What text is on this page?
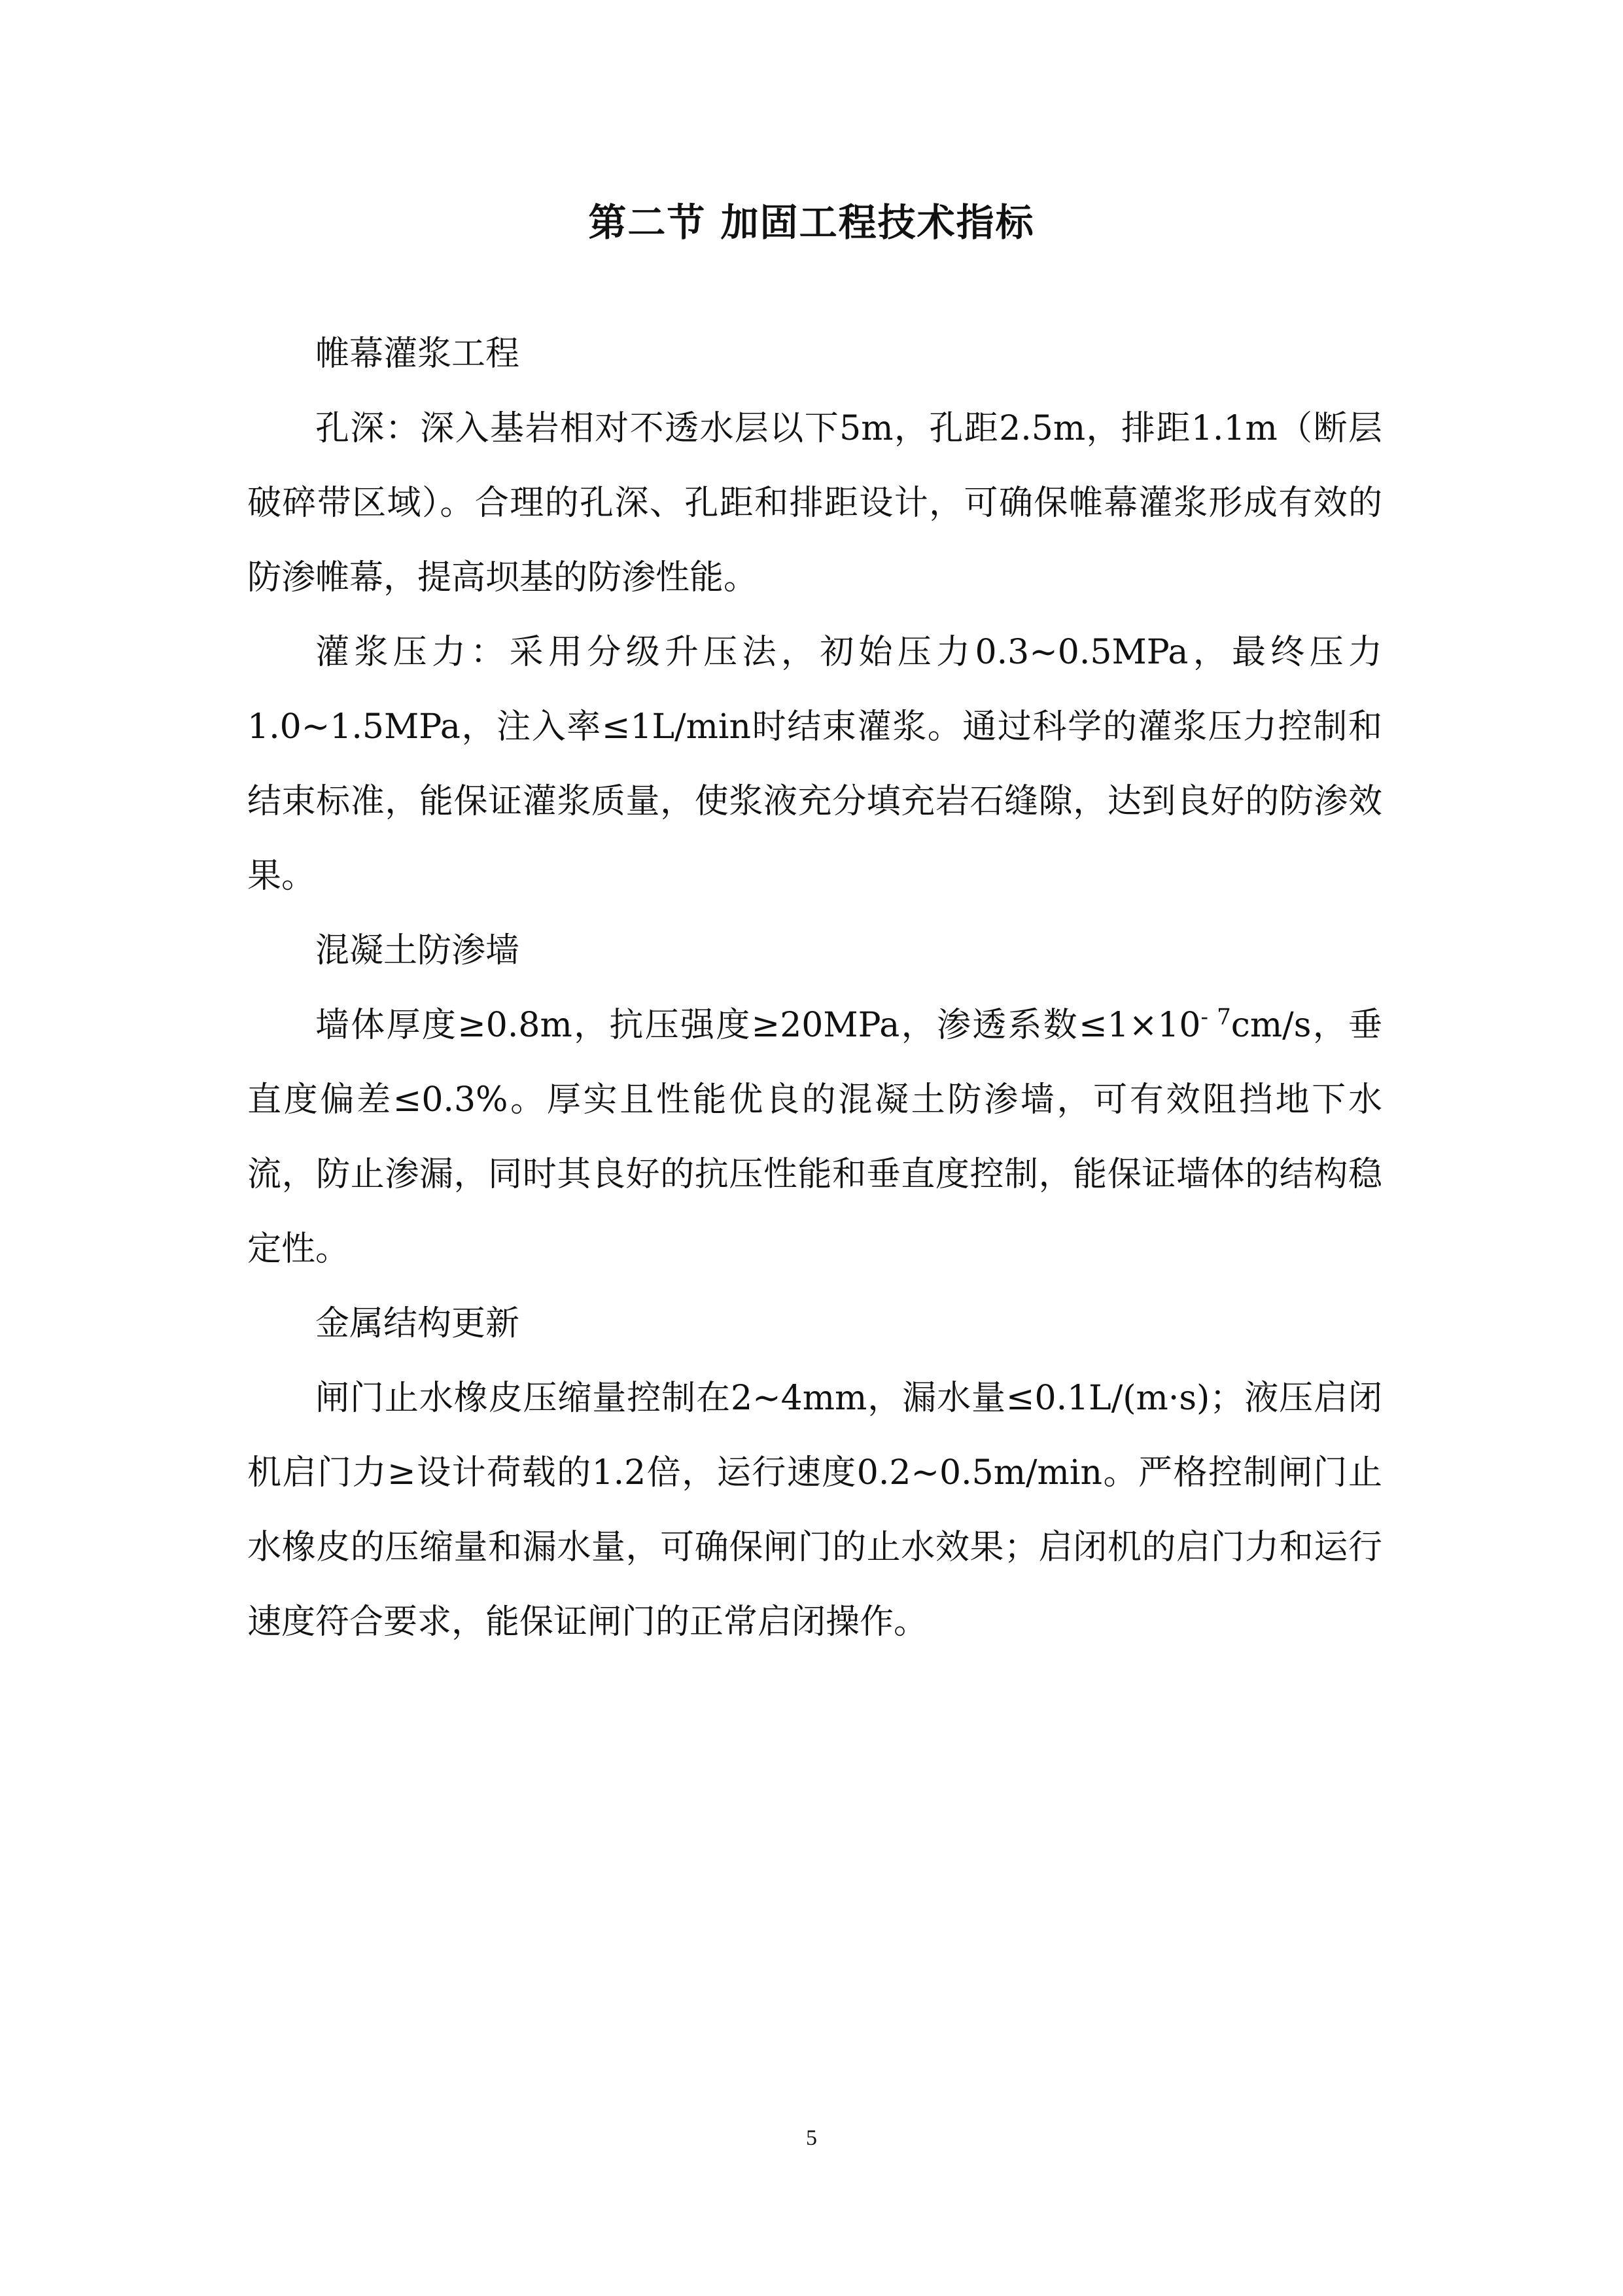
第二节 加固工程技术指标

帷幕灌浆工程

孔深：深入基岩相对不透水层以下5m，孔距2.5m，排距1.1m（断层破碎带区域）。合理的孔深、孔距和排距设计，可确保帷幕灌浆形成有效的防渗帷幕，提高坝基的防渗性能。

灌浆压力：采用分级升压法，初始压力0.3~0.5MPa，最终压力1.0~1.5MPa，注入率≤1L/min时结束灌浆。通过科学的灌浆压力控制和结束标准，能保证灌浆质量，使浆液充分填充岩石缝隙，达到良好的防渗效果。

混凝土防渗墙

墙体厚度≥0.8m，抗压强度≥20MPa，渗透系数$\le 1\times 10^{- 7}cm/s$，垂直度偏差≤0.3%。厚实且性能优良的混凝土防渗墙，可有效阻挡地下水流，防止渗漏，同时其良好的抗压性能和垂直度控制，能保证墙体的结构稳定性。

金属结构更新

闸门止水橡皮压缩量控制在2~4mm，漏水量≤0.1L/(m·s)；液压启闭机启门力≥设计荷载的1.2倍，运行速度0.2~0.5m/min。严格控制闸门止水橡皮的压缩量和漏水量，可确保闸门的止水效果；启闭机的启门力和运行速度符合要求，能保证闸门的正常启闭操作。

5
